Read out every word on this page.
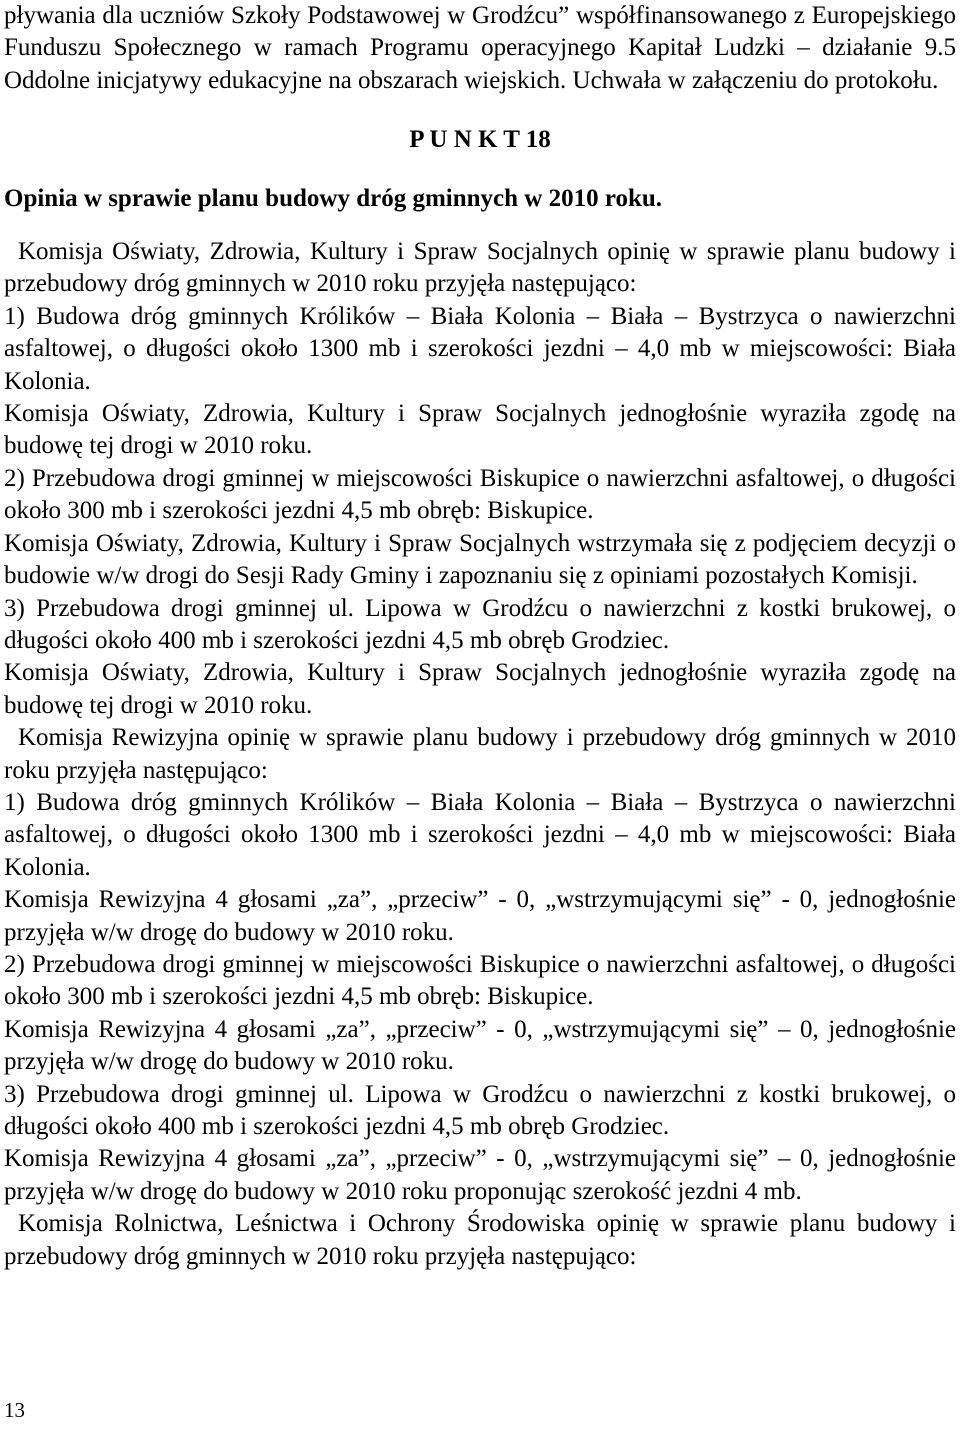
pływania dla uczniów Szkoły Podstawowej w Grodźcu” współfinansowanego z Europejskiego Funduszu Społecznego w ramach Programu operacyjnego Kapitał Ludzki – działanie 9.5 Oddolne inicjatywy edukacyjne na obszarach wiejskich. Uchwała w załączeniu do protokołu.

P U N K T 18

Opinia w sprawie planu budowy dróg gminnych w 2010 roku.

Komisja Oświaty, Zdrowia, Kultury i Spraw Socjalnych opinię w sprawie planu budowy i przebudowy dróg gminnych w 2010 roku przyjęła następująco:

1) Budowa dróg gminnych Królików – Biała Kolonia – Biała – Bystrzyca o nawierzchni asfaltowej, o długości około 1300 mb i szerokości jezdni – 4,0 mb w miejscowości: Biała Kolonia.

Komisja Oświaty, Zdrowia, Kultury i Spraw Socjalnych jednogłośnie wyraziła zgodę na budowę tej drogi w 2010 roku.

2) Przebudowa drogi gminnej w miejscowości Biskupice o nawierzchni asfaltowej, o długości około 300 mb i szerokości jezdni 4,5 mb obręb: Biskupice.

Komisja Oświaty, Zdrowia, Kultury i Spraw Socjalnych wstrzymała się z podjęciem decyzji o budowie w/w drogi do Sesji Rady Gminy i zapoznaniu się z opiniami pozostałych Komisji.

3) Przebudowa drogi gminnej ul. Lipowa w Grodźcu o nawierzchni z kostki brukowej, o długości około 400 mb i szerokości jezdni 4,5 mb obręb Grodziec.

Komisja Oświaty, Zdrowia, Kultury i Spraw Socjalnych jednogłośnie wyraziła zgodę na budowę tej drogi w 2010 roku.

Komisja Rewizyjna opinię w sprawie planu budowy i przebudowy dróg gminnych w 2010 roku przyjęła następująco:

1) Budowa dróg gminnych Królików – Biała Kolonia – Biała – Bystrzyca o nawierzchni asfaltowej, o długości około 1300 mb i szerokości jezdni – 4,0 mb w miejscowości: Biała Kolonia.

Komisja Rewizyjna 4 głosami „za”, „przeciw” - 0, „wstrzymującymi się” - 0, jednogłośnie przyjęła w/w drogę do budowy w 2010 roku.

2) Przebudowa drogi gminnej w miejscowości Biskupice o nawierzchni asfaltowej, o długości około 300 mb i szerokości jezdni 4,5 mb obręb: Biskupice.

Komisja Rewizyjna 4 głosami „za”, „przeciw” - 0, „wstrzymującymi się” – 0, jednogłośnie przyjęła w/w drogę do budowy w 2010 roku.

3) Przebudowa drogi gminnej ul. Lipowa w Grodźcu o nawierzchni z kostki brukowej, o długości około 400 mb i szerokości jezdni 4,5 mb obręb Grodziec.

Komisja Rewizyjna 4 głosami „za”, „przeciw” - 0, „wstrzymującymi się” – 0, jednogłośnie przyjęła w/w drogę do budowy w 2010 roku proponując szerokość jezdni 4 mb.

Komisja Rolnictwa, Leśnictwa i Ochrony Środowiska opinię w sprawie planu budowy i przebudowy dróg gminnych w 2010 roku przyjęła następująco:

13
